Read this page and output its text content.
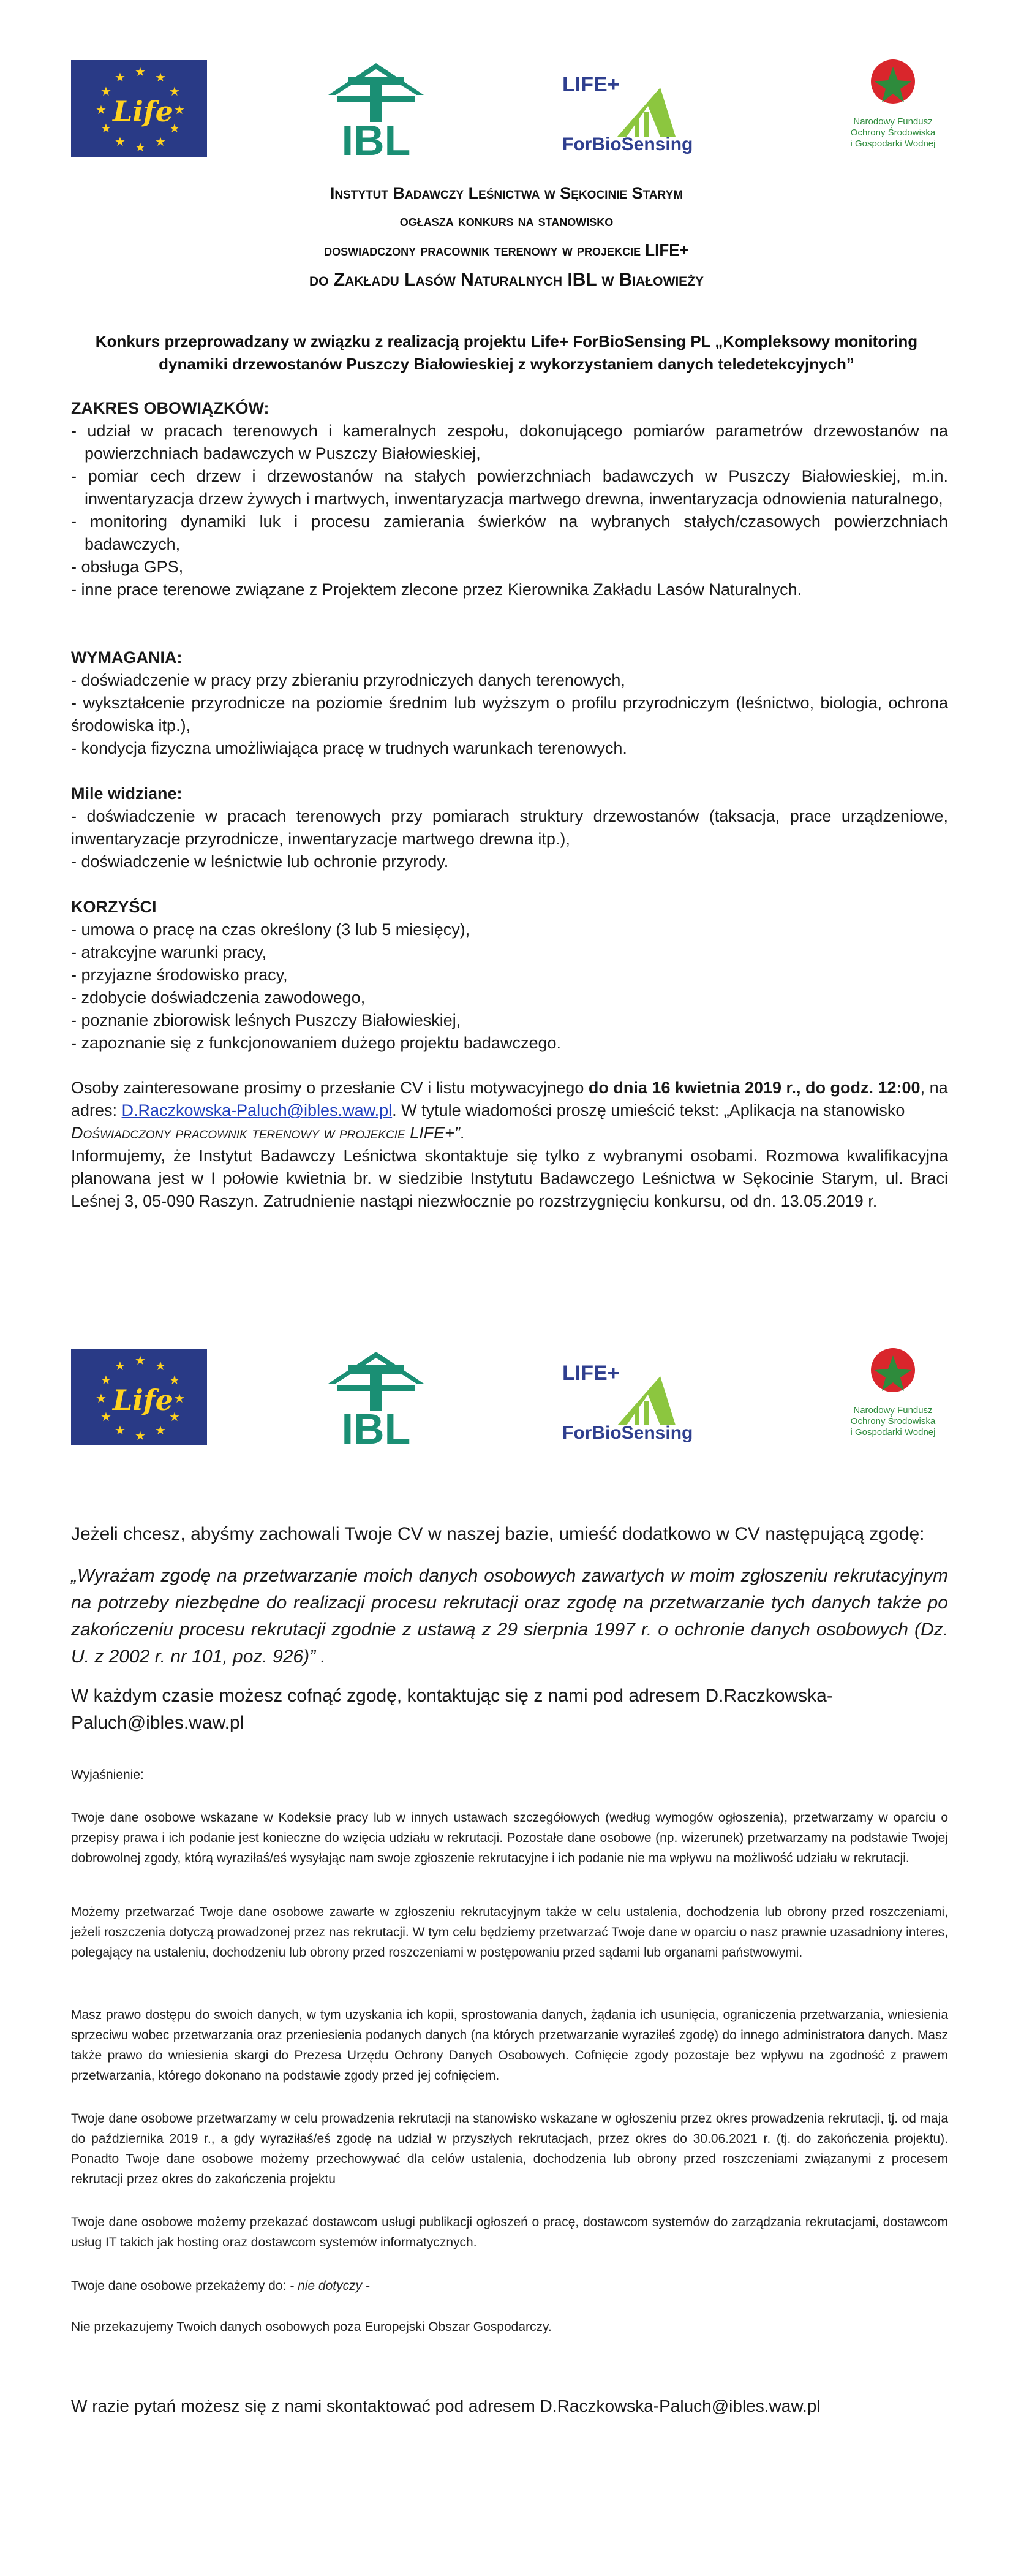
★ ★
★
★
★
★
★
★
★
★
★
★
Life
IBL
LIFE+
ForBioSensing
Narodowy Fundusz
Ochrony Środowiska
i Gospodarki Wodnej
Instytut Badawczy Leśnictwa w Sękocinie Starym
ogłasza konkurs na stanowisko
doswiadczony pracownik terenowy w projekcie LIFE+
do Zakładu Lasów Naturalnych IBL w Białowieży
Konkurs przeprowadzany w związku z realizacją projektu Life+ ForBioSensing PL „Kompleksowy monitoring
dynamiki drzewostanów Puszczy Białowieskiej z wykorzystaniem danych teledetekcyjnych”

ZAKRES OBOWIĄZKÓW:

- udział w pracach terenowych i kameralnych zespołu, dokonującego pomiarów parametrów drzewostanów na powierzchniach badawczych w Puszczy Białowieskiej,

- pomiar cech drzew i drzewostanów na stałych powierzchniach badawczych w Puszczy Białowieskiej, m.in. inwentaryzacja drzew żywych i martwych, inwentaryzacja martwego drewna, inwentaryzacja odnowienia naturalnego,

- monitoring dynamiki luk i procesu zamierania świerków na wybranych stałych/czasowych powierzchniach badawczych,

- obsługa GPS,

- inne prace terenowe związane z Projektem zlecone przez Kierownika Zakładu Lasów Naturalnych.

WYMAGANIA:

- doświadczenie w pracy przy zbieraniu przyrodniczych danych terenowych,

- wykształcenie przyrodnicze na poziomie średnim lub wyższym o profilu przyrodniczym (leśnictwo, biologia, ochrona środowiska itp.),

- kondycja fizyczna umożliwiająca pracę w trudnych warunkach terenowych.

Mile widziane:

- doświadczenie w pracach terenowych przy pomiarach struktury drzewostanów (taksacja, prace urządzeniowe, inwentaryzacje przyrodnicze, inwentaryzacje martwego drewna itp.),

- doświadczenie w leśnictwie lub ochronie przyrody.

KORZYŚCI

- umowa o pracę na czas określony (3 lub 5 miesięcy),

- atrakcyjne warunki pracy,

- przyjazne środowisko pracy,

- zdobycie doświadczenia zawodowego,

- poznanie zbiorowisk leśnych Puszczy Białowieskiej,

- zapoznanie się z funkcjonowaniem dużego projektu badawczego.

Osoby zainteresowane prosimy o przesłanie CV i listu motywacyjnego do dnia 16 kwietnia 2019 r., do godz. 12:00, na adres: D.Raczkowska-Paluch@ibles.waw.pl. W tytule wiadomości proszę umieścić tekst: „Aplikacja na stanowisko
Doświadczony pracownik terenowy w projekcie LIFE+”.

Informujemy, że Instytut Badawczy Leśnictwa skontaktuje się tylko z wybranymi osobami. Rozmowa kwalifikacyjna planowana jest w I połowie kwietnia br. w siedzibie Instytutu Badawczego Leśnictwa w Sękocinie Starym, ul. Braci Leśnej 3, 05-090 Raszyn. Zatrudnienie nastąpi niezwłocznie po rozstrzygnięciu konkursu, od dn. 13.05.2019 r.

★ ★
★
★
★
★
★
★
★
★
★
★
Life
IBL
LIFE+
ForBioSensing
Narodowy Fundusz
Ochrony Środowiska
i Gospodarki Wodnej
Jeżeli chcesz, abyśmy zachowali Twoje CV w naszej bazie, umieść dodatkowo w CV następującą zgodę:
„Wyrażam zgodę na przetwarzanie moich danych osobowych zawartych w moim zgłoszeniu rekrutacyjnym na potrzeby niezbędne do realizacji procesu rekrutacji oraz zgodę na przetwarzanie tych danych także po zakończeniu procesu rekrutacji zgodnie z ustawą z 29 sierpnia 1997 r. o ochronie danych osobowych (Dz. U. z 2002 r. nr 101, poz. 926)” .
W każdym czasie możesz cofnąć zgodę, kontaktując się z nami pod adresem D.Raczkowska-Paluch@ibles.waw.pl
Wyjaśnienie:
Twoje dane osobowe wskazane w Kodeksie pracy lub w innych ustawach szczegółowych (według wymogów ogłoszenia), przetwarzamy w oparciu o przepisy prawa i ich podanie jest konieczne do wzięcia udziału w rekrutacji. Pozostałe dane osobowe (np. wizerunek) przetwarzamy na podstawie Twojej dobrowolnej zgody, którą wyraziłaś/eś wysyłając nam swoje zgłoszenie rekrutacyjne i ich podanie nie ma wpływu na możliwość udziału w rekrutacji.
Możemy przetwarzać Twoje dane osobowe zawarte w zgłoszeniu rekrutacyjnym także w celu ustalenia, dochodzenia lub obrony przed roszczeniami, jeżeli roszczenia dotyczą prowadzonej przez nas rekrutacji. W tym celu będziemy przetwarzać Twoje dane w oparciu o nasz prawnie uzasadniony interes, polegający na ustaleniu, dochodzeniu lub obrony przed roszczeniami w postępowaniu przed sądami lub organami państwowymi.
Masz prawo dostępu do swoich danych, w tym uzyskania ich kopii, sprostowania danych, żądania ich usunięcia, ograniczenia przetwarzania, wniesienia sprzeciwu wobec przetwarzania oraz przeniesienia podanych danych (na których przetwarzanie wyraziłeś zgodę) do innego administratora danych. Masz także prawo do wniesienia skargi do Prezesa Urzędu Ochrony Danych Osobowych. Cofnięcie zgody pozostaje bez wpływu na zgodność z prawem przetwarzania, którego dokonano na podstawie zgody przed jej cofnięciem.
Twoje dane osobowe przetwarzamy w celu prowadzenia rekrutacji na stanowisko wskazane w ogłoszeniu przez okres prowadzenia rekrutacji, tj. od maja do października 2019 r., a gdy wyraziłaś/eś zgodę na udział w przyszłych rekrutacjach, przez okres do 30.06.2021 r. (tj. do zakończenia projektu). Ponadto Twoje dane osobowe możemy przechowywać dla celów ustalenia, dochodzenia lub obrony przed roszczeniami związanymi z procesem rekrutacji przez okres do zakończenia projektu
Twoje dane osobowe możemy przekazać dostawcom usługi publikacji ogłoszeń o pracę, dostawcom systemów do zarządzania rekrutacjami, dostawcom usług IT takich jak hosting oraz dostawcom systemów informatycznych.
Twoje dane osobowe przekażemy do: - nie dotyczy -
Nie przekazujemy Twoich danych osobowych poza Europejski Obszar Gospodarczy.
W razie pytań możesz się z nami skontaktować pod adresem D.Raczkowska-Paluch@ibles.waw.pl
